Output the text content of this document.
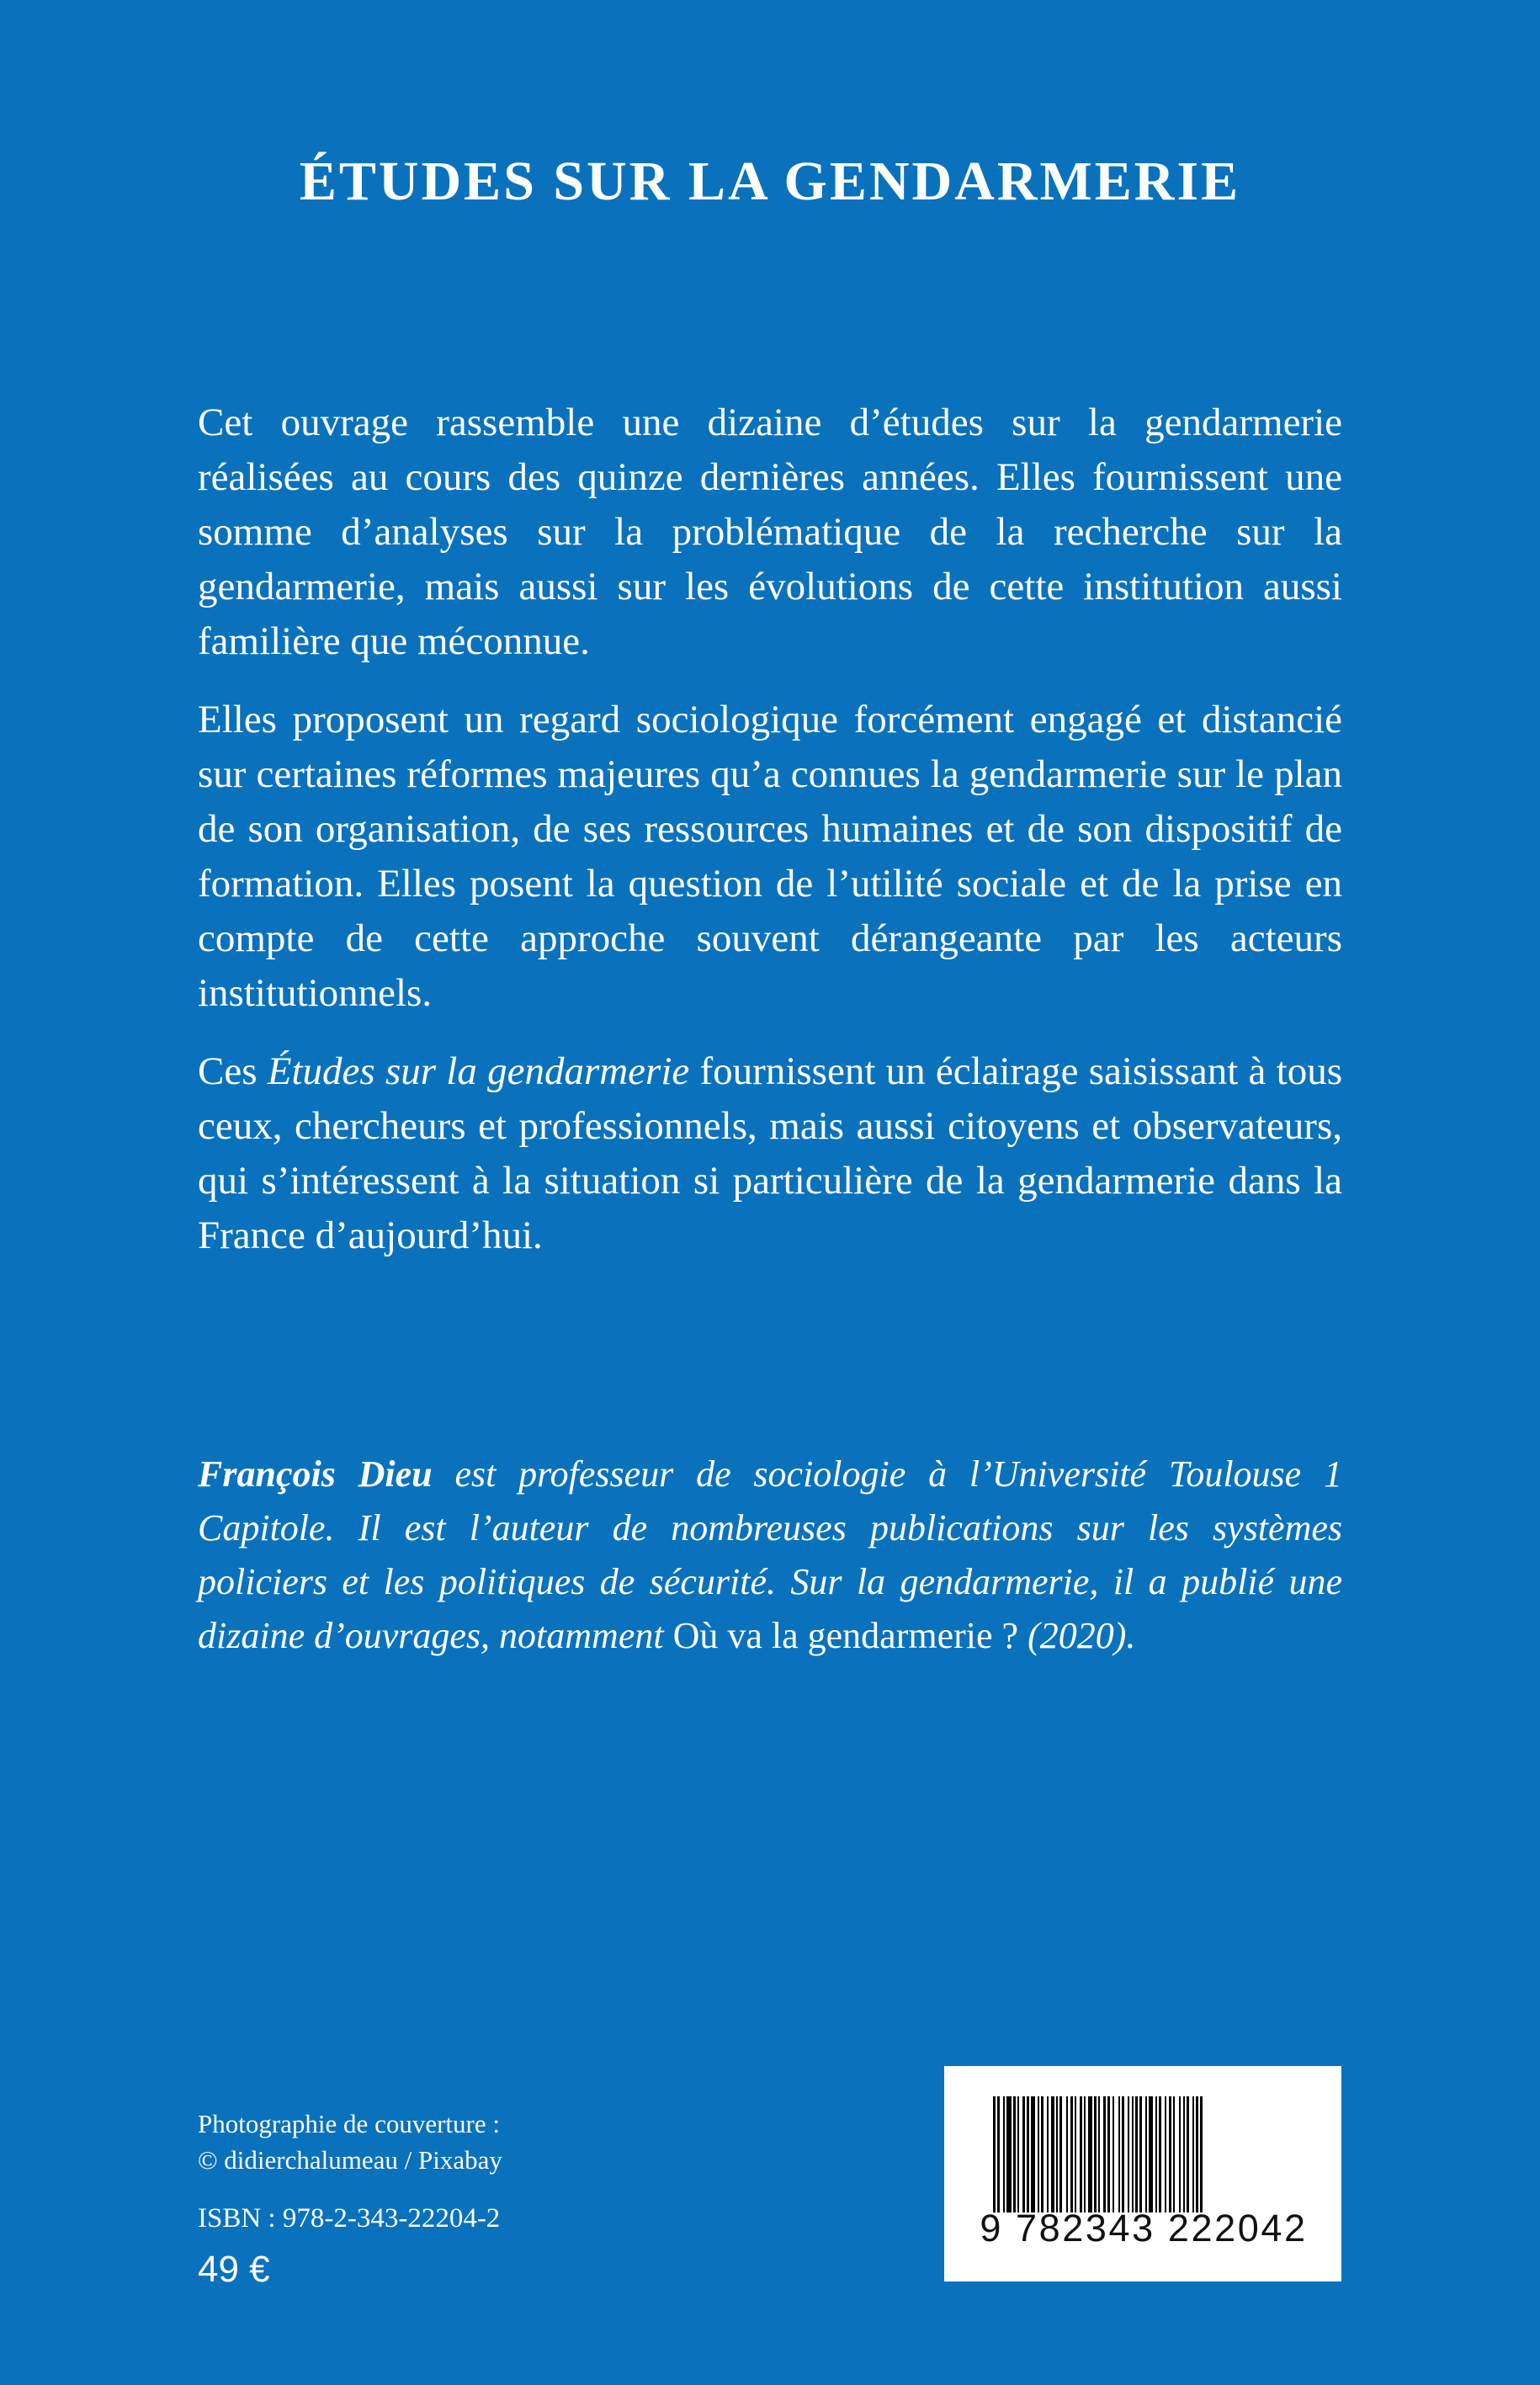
ÉTUDES SUR LA GENDARMERIE

Cet ouvrage rassemble une dizaine d’études sur la gendarmerie réalisées au cours des quinze dernières années. Elles fournissent une somme d’analyses sur la problématique de la recherche sur la gendarmerie, mais aussi sur les évolutions de cette institution aussi familière que méconnue.

Elles proposent un regard sociologique forcément engagé et distancié sur certaines réformes majeures qu’a connues la gendarmerie sur le plan de son organisation, de ses ressources humaines et de son dispositif de formation. Elles posent la question de l’utilité sociale et de la prise en compte de cette approche souvent dérangeante par les acteurs institutionnels.

Ces Études sur la gendarmerie fournissent un éclairage saisissant à tous ceux, chercheurs et professionnels, mais aussi citoyens et observateurs, qui s’intéressent à la situation si particulière de la gendarmerie dans la France d’aujourd’hui.

François Dieu est professeur de sociologie à l’Université Toulouse 1 Capitole. Il est l’auteur de nombreuses publications sur les systèmes policiers et les politiques de sécurité. Sur la gendarmerie, il a publié une dizaine d’ouvrages, notamment Où va la gendarmerie ? (2020).

Photographie de couverture :
© didierchalumeau / Pixabay
ISBN : 978-2-343-22204-2
49 €
9 782343 222042
